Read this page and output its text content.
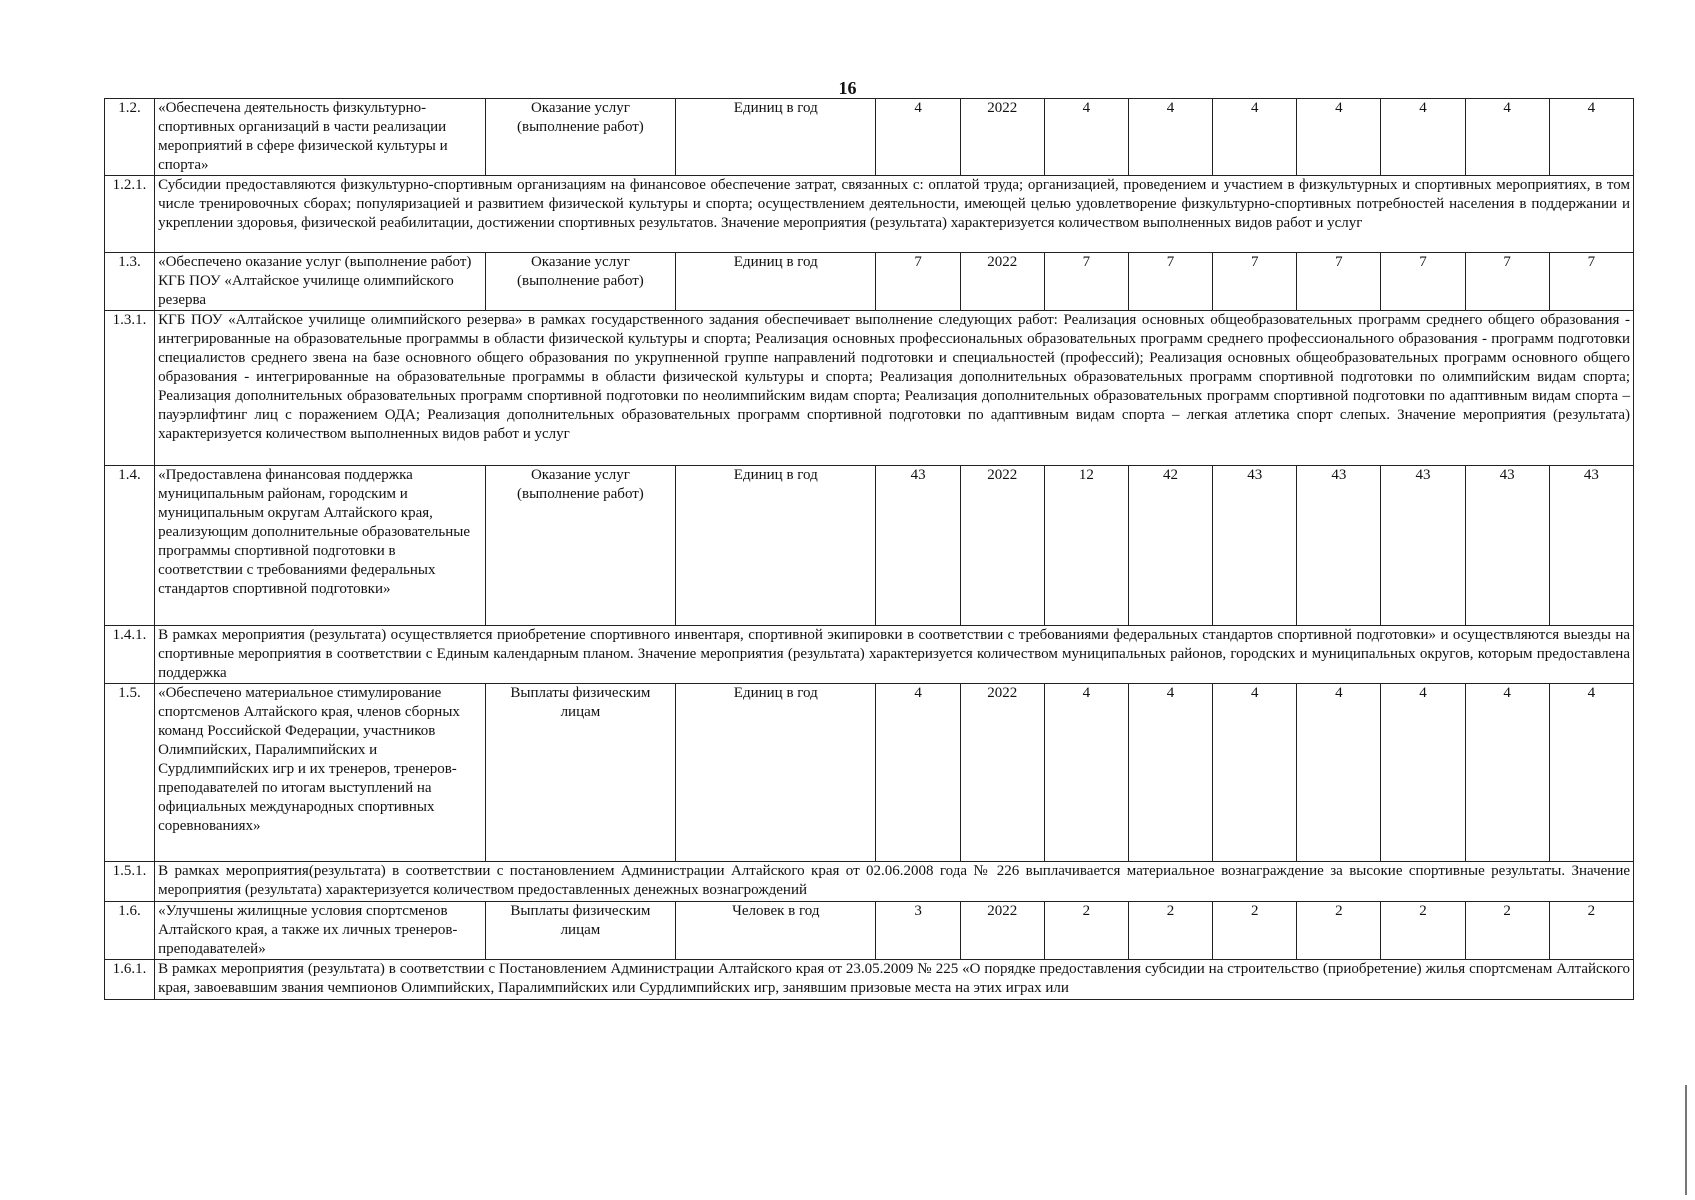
16
1.2.	«Обеспечена деятельность физкультурно-спортивных организаций в части реализации мероприятий в сфере физической культуры и спорта»	Оказание услуг (выполнение работ)	Единиц в год	4	2022	4	4	4	4	4	4	4
1.2.1.	Субсидии предоставляются физкультурно-спортивным организациям на финансовое обеспечение затрат, связанных с: оплатой труда; организацией, проведением и участием в физкультурных и спортивных мероприятиях, в том числе тренировочных сборах; популяризацией и развитием физической культуры и спорта; осуществлением деятельности, имеющей целью удовлетворение физкультурно-спортивных потребностей населения в поддержании и укреплении здоровья, физической реабилитации, достижении спортивных результатов. Значение мероприятия (результата) характеризуется количеством выполненных видов работ и услуг											
1.3.	«Обеспечено оказание услуг (выполнение работ) КГБ ПОУ «Алтайское училище олимпийского резерва	Оказание услуг (выполнение работ)	Единиц в год	7	2022	7	7	7	7	7	7	7
1.3.1.	КГБ ПОУ «Алтайское училище олимпийского резерва» в рамках государственного задания обеспечивает выполнение следующих работ: Реализация основных общеобразовательных программ среднего общего образования - интегрированные на образовательные программы в области физической культуры и спорта; Реализация основных профессиональных образовательных программ среднего профессионального образования - программ подготовки специалистов среднего звена на базе основного общего образования по укрупненной группе направлений подготовки и специальностей (профессий); Реализация основных общеобразовательных программ основного общего образования - интегрированные на образовательные программы в области физической культуры и спорта; Реализация дополнительных образовательных программ спортивной подготовки по олимпийским видам спорта; Реализация дополнительных образовательных программ спортивной подготовки по неолимпийским видам спорта; Реализация дополнительных образовательных программ спортивной подготовки по адаптивным видам спорта – пауэрлифтинг лиц с поражением ОДА; Реализация дополнительных образовательных программ спортивной подготовки по адаптивным видам спорта – легкая атлетика спорт слепых. Значение мероприятия (результата) характеризуется количеством выполненных видов работ и услуг											
1.4.	«Предоставлена финансовая поддержка муниципальным районам, городским и муниципальным округам Алтайского края, реализующим дополнительные образовательные программы спортивной подготовки в соответствии с требованиями федеральных стандартов спортивной подготовки»	Оказание услуг (выполнение работ)	Единиц в год	43	2022	12	42	43	43	43	43	43
1.4.1.	В рамках мероприятия (результата) осуществляется приобретение спортивного инвентаря, спортивной экипировки в соответствии с требованиями федеральных стандартов спортивной подготовки» и осуществляются выезды на спортивные мероприятия в соответствии с Единым календарным планом. Значение мероприятия (результата) характеризуется количеством муниципальных районов, городских и муниципальных округов, которым предоставлена поддержка											
1.5.	«Обеспечено материальное стимулирование спортсменов Алтайского края, членов сборных команд Российской Федерации, участников Олимпийских, Паралимпийских и Сурдлимпийских игр и их тренеров, тренеров-преподавателей по итогам выступлений на официальных международных спортивных соревнованиях»	Выплаты физическим лицам	Единиц в год	4	2022	4	4	4	4	4	4	4
1.5.1.	В рамках мероприятия(результата) в соответствии с постановлением Администрации Алтайского края от 02.06.2008 года № 226 выплачивается материальное вознаграждение за высокие спортивные результаты. Значение мероприятия (результата) характеризуется количеством предоставленных денежных вознагрождений											
1.6.	«Улучшены жилищные условия спортсменов Алтайского края, а также их личных тренеров-преподавателей»	Выплаты физическим лицам	Человек в год	3	2022	2	2	2	2	2	2	2
1.6.1.	В рамках мероприятия (результата) в соответствии с Постановлением Администрации Алтайского края от 23.05.2009 № 225 «О порядке предоставления субсидии на строительство (приобретение) жилья спортсменам Алтайского края, завоевавшим звания чемпионов Олимпийских, Паралимпийских или Сурдлимпийских игр, занявшим призовые места на этих играх или											
